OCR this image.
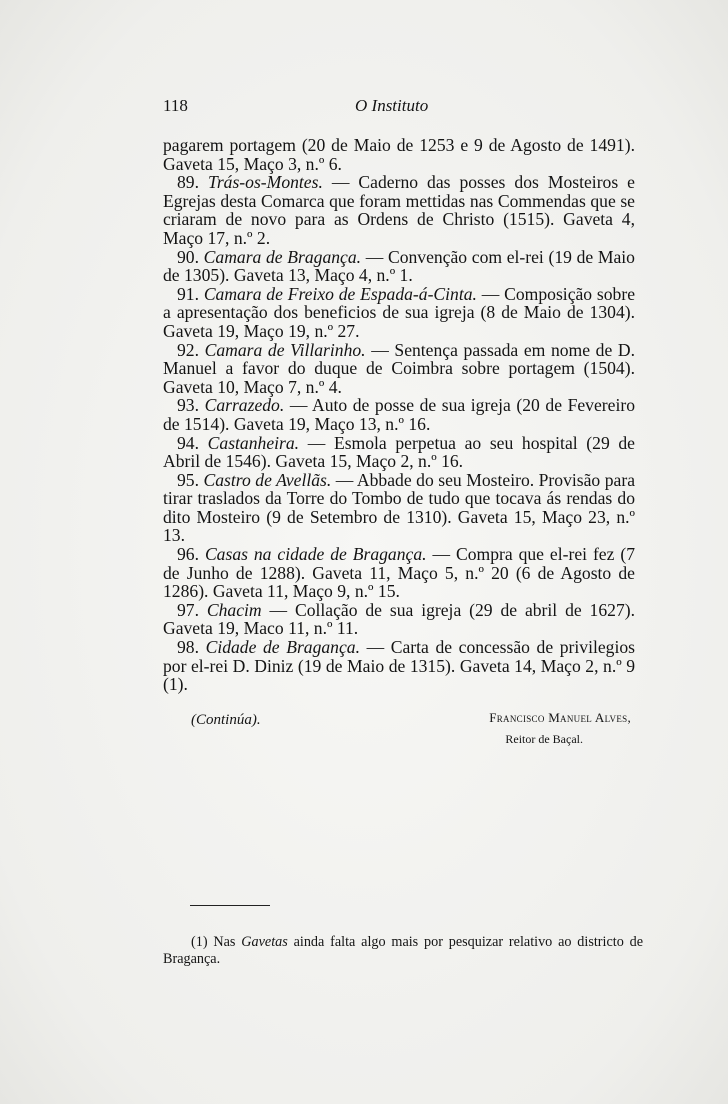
118	O Instituto

pagarem portagem (20 de Maio de 1253 e 9 de Agosto de 1491). Gaveta 15, Maço 3, n.º 6.

89. Trás-os-Montes. — Caderno das posses dos Mosteiros e Egrejas desta Comarca que foram mettidas nas Commendas que se criaram de novo para as Ordens de Christo (1515). Gaveta 4, Maço 17, n.º 2.

90. Camara de Bragança. — Convenção com el-rei (19 de Maio de 1305). Gaveta 13, Maço 4, n.º 1.

91. Camara de Freixo de Espada-á-Cinta. — Composição sobre a apresentação dos beneficios de sua igreja (8 de Maio de 1304). Gaveta 19, Maço 19, n.º 27.

92. Camara de Villarinho. — Sentença passada em nome de D. Manuel a favor do duque de Coimbra sobre portagem (1504). Gaveta 10, Maço 7, n.º 4.

93. Carrazedo. — Auto de posse de sua igreja (20 de Fevereiro de 1514). Gaveta 19, Maço 13, n.º 16.

94. Castanheira. — Esmola perpetua ao seu hospital (29 de Abril de 1546). Gaveta 15, Maço 2, n.º 16.

95. Castro de Avellãs. — Abbade do seu Mosteiro. Provisão para tirar traslados da Torre do Tombo de tudo que tocava ás rendas do dito Mosteiro (9 de Setembro de 1310). Gaveta 15, Maço 23, n.º 13.

96. Casas na cidade de Bragança. — Compra que el-rei fez (7 de Junho de 1288). Gaveta 11, Maço 5, n.º 20 (6 de Agosto de 1286). Gaveta 11, Maço 9, n.º 15.

97. Chacim — Collação de sua igreja (29 de abril de 1627). Gaveta 19, Maco 11, n.º 11.

98. Cidade de Bragança. — Carta de concessão de privilegios por el-rei D. Diniz (19 de Maio de 1315). Gaveta 14, Maço 2, n.º 9 (1).

(Continúa).	Francisco Manuel Alves,
Reitor de Baçal.

(1) Nas Gavetas ainda falta algo mais por pesquizar relativo ao districto de Bragança.
